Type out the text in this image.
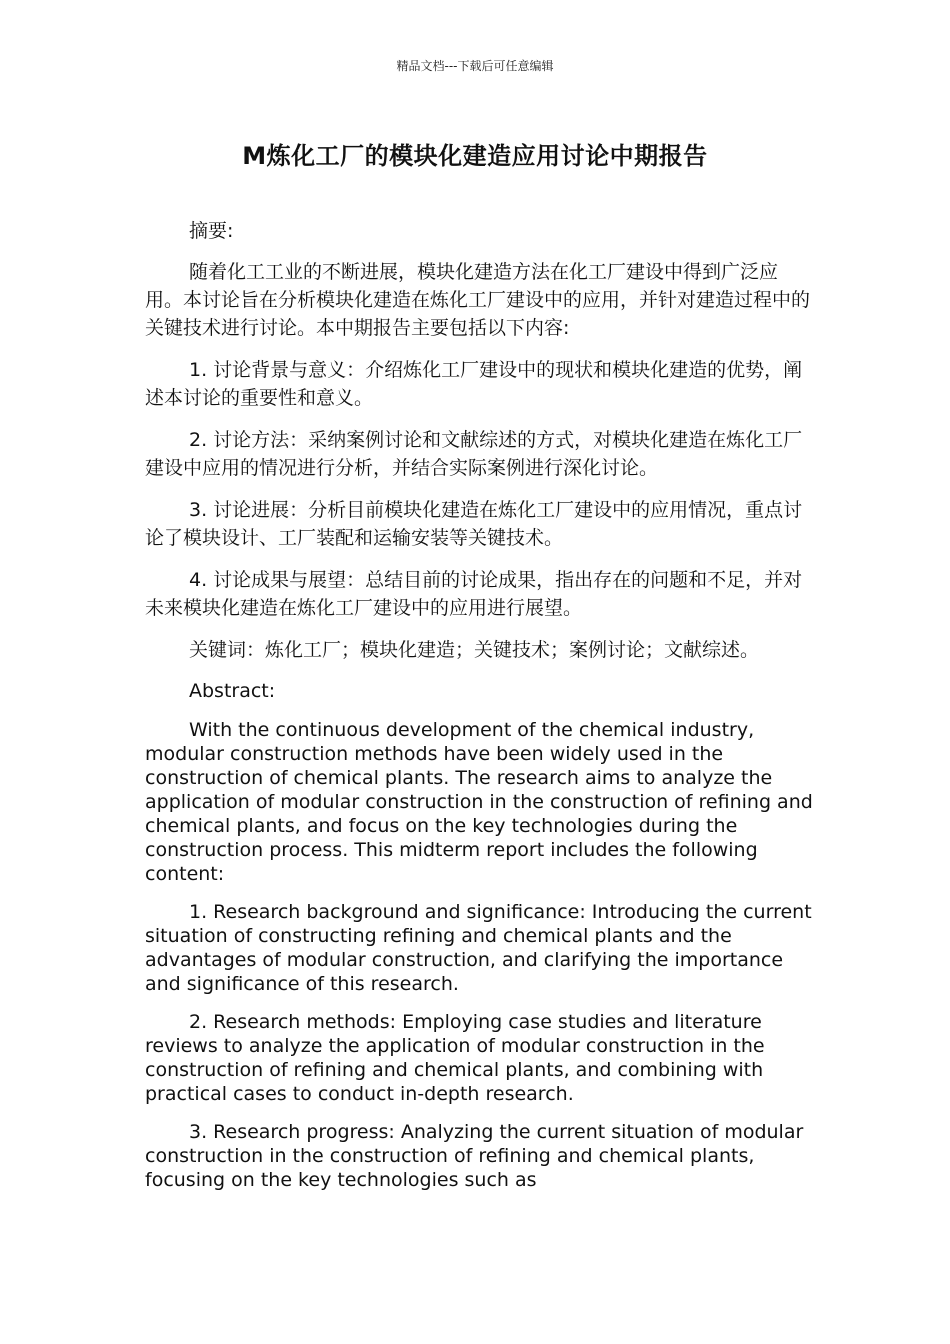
精品文档---下载后可任意编辑
M炼化工厂的模块化建造应用讨论中期报告

摘要:

随着化工工业的不断进展，模块化建造方法在化工厂建设中得到广泛应用。本讨论旨在分析模块化建造在炼化工厂建设中的应用，并针对建造过程中的关键技术进行讨论。本中期报告主要包括以下内容:

1. 讨论背景与意义：介绍炼化工厂建设中的现状和模块化建造的优势，阐述本讨论的重要性和意义。

2. 讨论方法：采纳案例讨论和文献综述的方式，对模块化建造在炼化工厂建设中应用的情况进行分析，并结合实际案例进行深化讨论。

3. 讨论进展：分析目前模块化建造在炼化工厂建设中的应用情况，重点讨论了模块设计、工厂装配和运输安装等关键技术。

4. 讨论成果与展望：总结目前的讨论成果，指出存在的问题和不足，并对未来模块化建造在炼化工厂建设中的应用进行展望。

关键词：炼化工厂；模块化建造；关键技术；案例讨论；文献综述。

Abstract:

With the continuous development of the chemical industry, modular construction methods have been widely used in the construction of chemical plants. The research aims to analyze the application of modular construction in the construction of refining and chemical plants, and focus on the key technologies during the construction process. This midterm report includes the following content:

1. Research background and significance: Introducing the current situation of constructing refining and chemical plants and the advantages of modular construction, and clarifying the importance and significance of this research.

2. Research methods: Employing case studies and literature reviews to analyze the application of modular construction in the construction of refining and chemical plants, and combining with practical cases to conduct in-depth research.

3. Research progress: Analyzing the current situation of modular construction in the construction of refining and chemical plants, focusing on the key technologies such as
